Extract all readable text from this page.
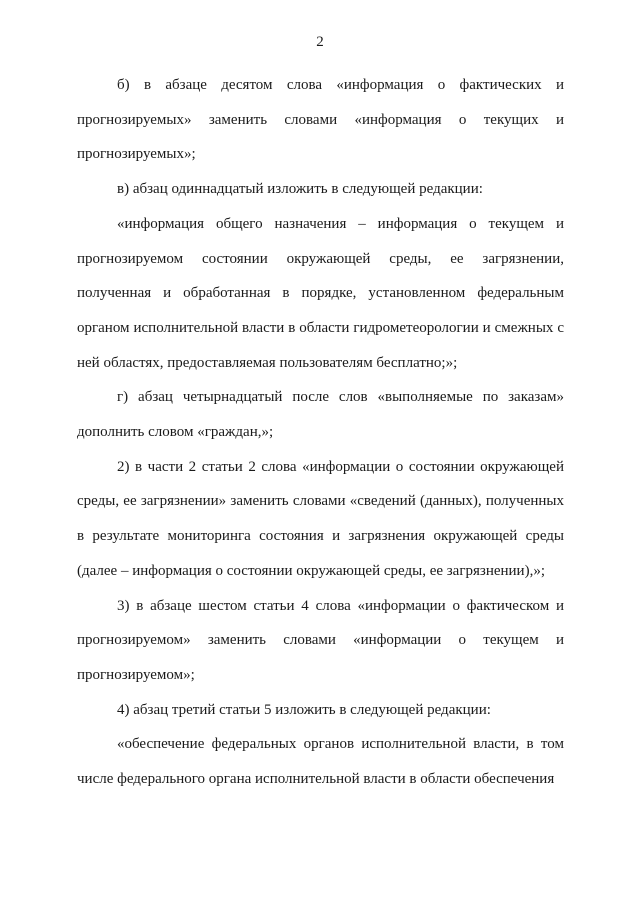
2

б) в абзаце десятом слова «информация о фактических и прогнозируемых» заменить словами «информация о текущих и прогнозируемых»;

в) абзац одиннадцатый изложить в следующей редакции:

«информация общего назначения – информация о текущем и прогнозируемом состоянии окружающей среды, ее загрязнении, полученная и обработанная в порядке, установленном федеральным органом исполнительной власти в области гидрометеорологии и смежных с ней областях, предоставляемая пользователям бесплатно;»;

г) абзац четырнадцатый после слов «выполняемые по заказам» дополнить словом «граждан,»;

2) в части 2 статьи 2 слова «информации о состоянии окружающей среды, ее загрязнении» заменить словами «сведений (данных), полученных в результате мониторинга состояния и загрязнения окружающей среды (далее – информация о состоянии окружающей среды, ее загрязнении),»;

3) в абзаце шестом статьи 4 слова «информации о фактическом и прогнозируемом» заменить словами «информации о текущем и прогнозируемом»;

4) абзац третий статьи 5 изложить в следующей редакции:

«обеспечение федеральных органов исполнительной власти, в том числе федерального органа исполнительной власти в области обеспечения
